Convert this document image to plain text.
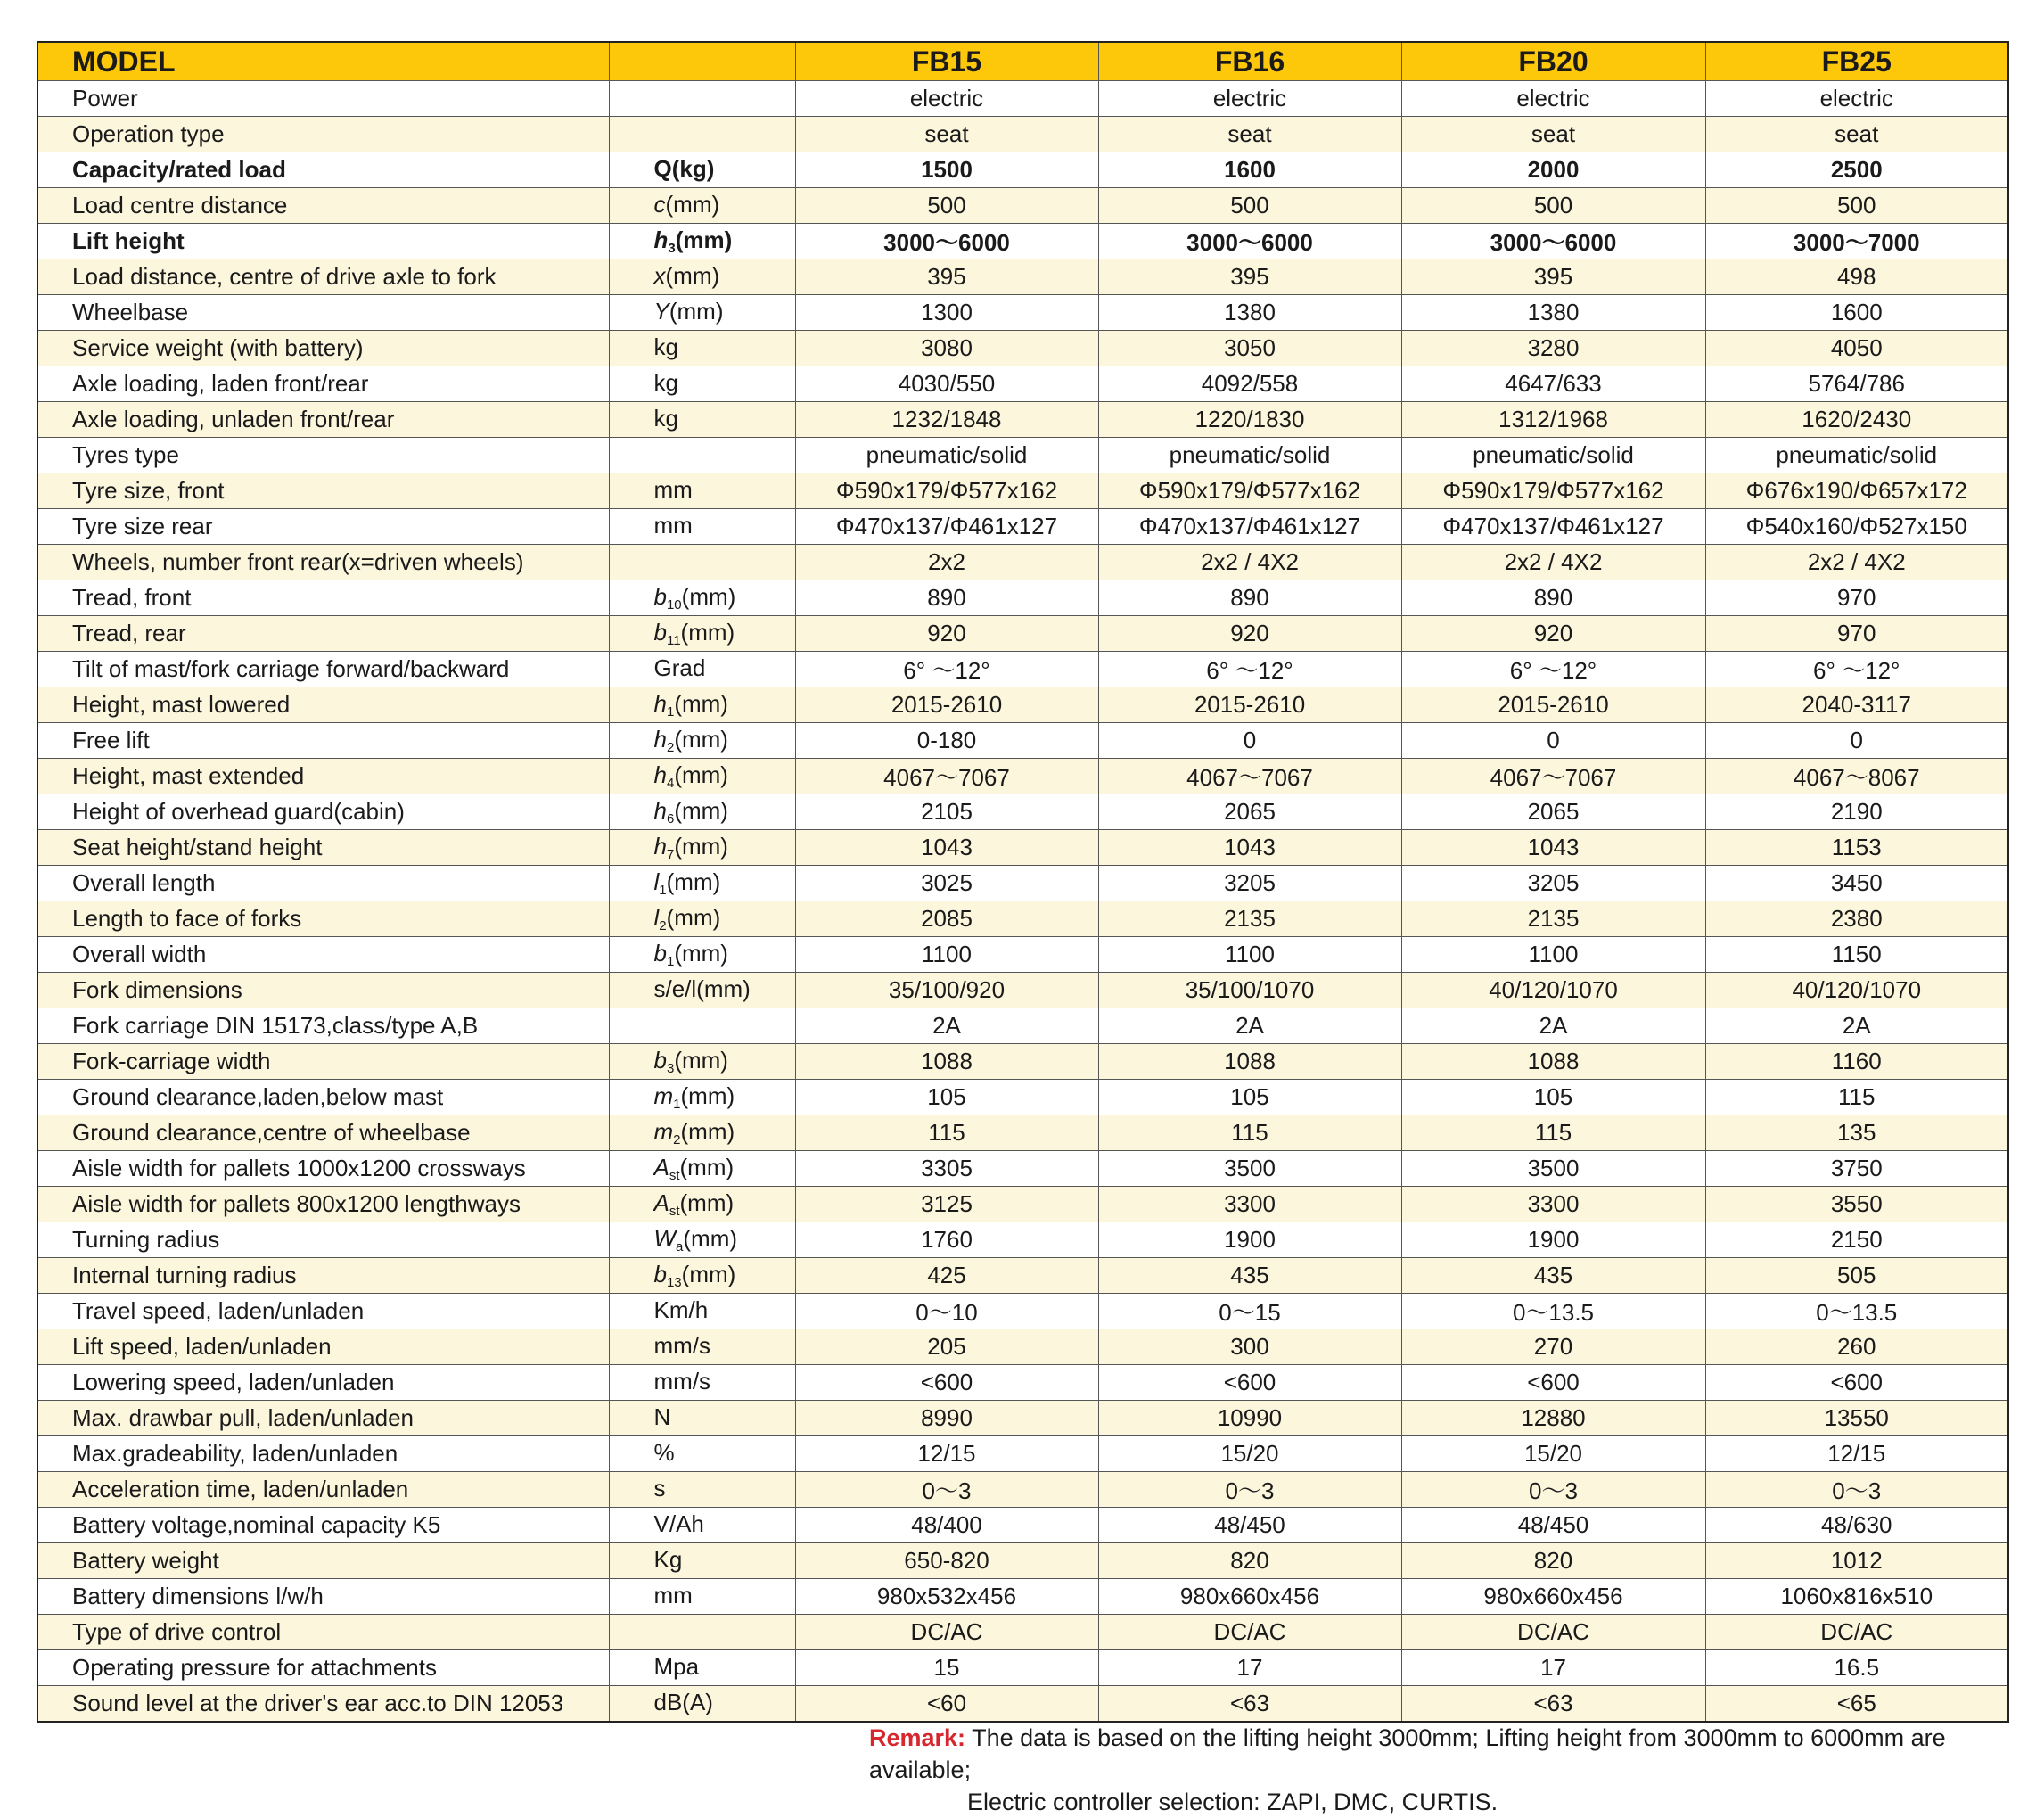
MODEL		FB15	FB16	FB20	FB25
Power		electric	electric	electric	electric
Operation type		seat	seat	seat	seat
Capacity/rated load	Q(kg)	1500	1600	2000	2500
Load centre distance	c(mm)	500	500	500	500
Lift height	$h_3(mm)$	3000～6000	3000～6000	3000～6000	3000～7000
Load distance, centre of drive axle to fork	x(mm)	395	395	395	498
Wheelbase	Y(mm)	1300	1380	1380	1600
Service weight (with battery)	kg	3080	3050	3280	4050
Axle loading, laden front/rear	kg	4030/550	4092/558	4647/633	5764/786
Axle loading, unladen front/rear	kg	1232/1848	1220/1830	1312/1968	1620/2430
Tyres type		pneumatic/solid	pneumatic/solid	pneumatic/solid	pneumatic/solid
Tyre size, front	mm	Φ590x179/Φ577x162	Φ590x179/Φ577x162	Φ590x179/Φ577x162	Φ676x190/Φ657x172
Tyre size rear	mm	Φ470x137/Φ461x127	Φ470x137/Φ461x127	Φ470x137/Φ461x127	Φ540x160/Φ527x150
Wheels, number front rear(x=driven wheels)		2x2	2x2 / 4X2	2x2 / 4X2	2x2 / 4X2
Tread, front	$b_{10}(mm)$	890	890	890	970
Tread, rear	$b_{11}(mm)$	920	920	920	970
Tilt of mast/fork carriage forward/backward	Grad	6° ～12°	6° ～12°	6° ～12°	6° ～12°
Height, mast lowered	$h_1(mm)$	2015-2610	2015-2610	2015-2610	2040-3117
Free lift	$h_2(mm)$	0-180	0	0	0
Height, mast extended	$h_4(mm)$	4067～7067	4067～7067	4067～7067	4067～8067
Height of overhead guard(cabin)	$h_6(mm)$	2105	2065	2065	2190
Seat height/stand height	$h_7(mm)$	1043	1043	1043	1153
Overall length	$l_1(mm)$	3025	3205	3205	3450
Length to face of forks	$l_2(mm)$	2085	2135	2135	2380
Overall width	$b_1(mm)$	1100	1100	1100	1150
Fork dimensions	s/e/l(mm)	35/100/920	35/100/1070	40/120/1070	40/120/1070
Fork carriage DIN 15173,class/type A,B		2A	2A	2A	2A
Fork-carriage width	$b_3(mm)$	1088	1088	1088	1160
Ground clearance,laden,below mast	$m_1(mm)$	105	105	105	115
Ground clearance,centre of wheelbase	$m_2(mm)$	115	115	115	135
Aisle width for pallets 1000x1200 crossways	$A_{st}(mm)$	3305	3500	3500	3750
Aisle width for pallets 800x1200 lengthways	$A_{st}(mm)$	3125	3300	3300	3550
Turning radius	$W_a(mm)$	1760	1900	1900	2150
Internal turning radius	$b_{13}(mm)$	425	435	435	505
Travel speed, laden/unladen	Km/h	0～10	0～15	0～13.5	0～13.5
Lift speed, laden/unladen	mm/s	205	300	270	260
Lowering speed, laden/unladen	mm/s	<600	<600	<600	<600
Max. drawbar pull, laden/unladen	N	8990	10990	12880	13550
Max.gradeability, laden/unladen	%	12/15	15/20	15/20	12/15
Acceleration time, laden/unladen	s	0～3	0～3	0～3	0～3
Battery voltage,nominal capacity K5	V/Ah	48/400	48/450	48/450	48/630
Battery weight	Kg	650-820	820	820	1012
Battery dimensions l/w/h	mm	980x532x456	980x660x456	980x660x456	1060x816x510
Type of drive control		DC/AC	DC/AC	DC/AC	DC/AC
Operating pressure for attachments	Mpa	15	17	17	16.5
Sound level at the driver's ear acc.to DIN 12053	dB(A)	<60	<63	<63	<65
Remark: The data is based on the lifting height 3000mm; Lifting height from 3000mm to 6000mm are available;
Electric controller selection: ZAPI, DMC, CURTIS.
